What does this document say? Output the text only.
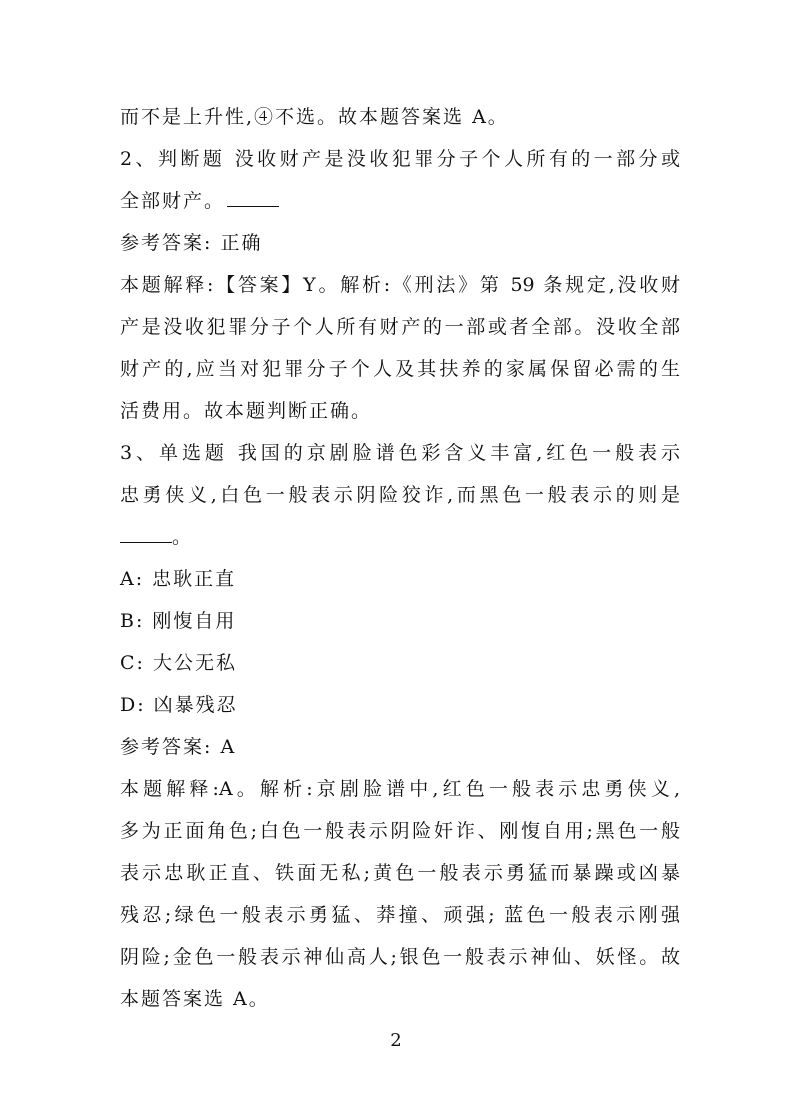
而不是上升性,④不选。故本题答案选 A。
2、判断题 没收财产是没收犯罪分子个人所有的一部分或
全部财产。
参考答案: 正确
本题解释:【答案】Y。解析:《刑法》第 59 条规定,没收财
产是没收犯罪分子个人所有财产的一部或者全部。没收全部
财产的,应当对犯罪分子个人及其扶养的家属保留必需的生
活费用。故本题判断正确。
3、单选题 我国的京剧脸谱色彩含义丰富,红色一般表示
忠勇侠义,白色一般表示阴险狡诈,而黑色一般表示的则是
。
A: 忠耿正直
B: 刚愎自用
C: 大公无私
D: 凶暴残忍
参考答案: A
本题解释:A。解析:京剧脸谱中,红色一般表示忠勇侠义,
多为正面角色;白色一般表示阴险奸诈、刚愎自用;黑色一般
表示忠耿正直、铁面无私;黄色一般表示勇猛而暴躁或凶暴
残忍;绿色一般表示勇猛、莽撞、顽强; 蓝色一般表示刚强
阴险;金色一般表示神仙高人;银色一般表示神仙、妖怪。故
本题答案选 A。
2
